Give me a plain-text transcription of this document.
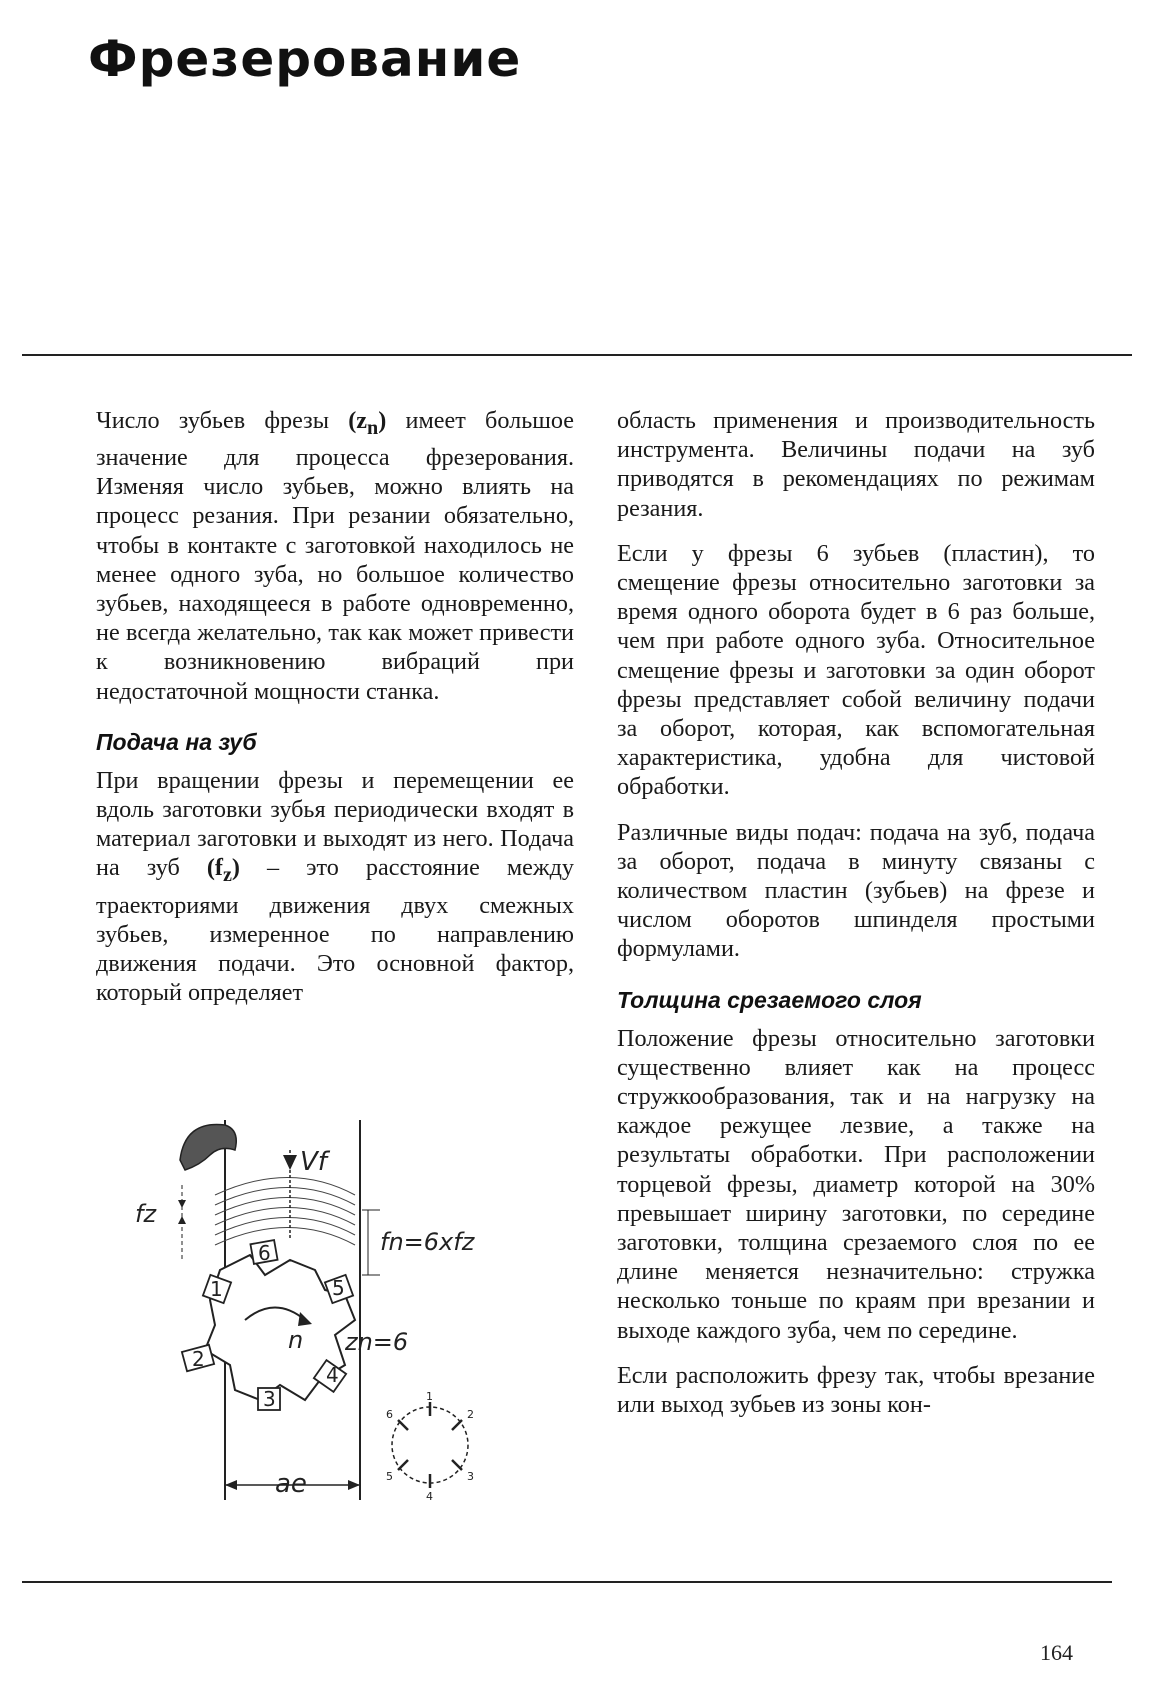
Фрезерование

Число зубьев фрезы $(z_n)$ имеет большое значение для процесса фрезерования. Изменяя число зубьев, можно влиять на процесс резания. При резании обязательно, чтобы в контакте с заготовкой находилось не менее одного зуба, но большое количество зубьев, находящееся в работе одновременно, не всегда желательно, так как может привести к возникновению вибраций при недостаточной мощности станка.

Подача на зуб

При вращении фрезы и перемещении ее вдоль заготовки зубья периодически входят в материал заготовки и выходят из него. Подача на зуб $(f_z)$ – это расстояние между траекториями движения двух смежных зубьев, измеренное по направлению движения подачи. Это основной фактор, который определяет

область применения и производительность инструмента. Величины подачи на зуб приводятся в рекомендациях по режимам резания.

Если у фрезы 6 зубьев (пластин), то смещение фрезы относительно заготовки за время одного оборота будет в 6 раз больше, чем при работе одного зуба. Относительное смещение фрезы и заготовки за один оборот фрезы представляет собой величину подачи за оборот, которая, как вспомогательная характеристика, удобна для чистовой обработки.

Различные виды подач: подача на зуб, подача за оборот, подача в минуту связаны с количеством пластин (зубьев) на фрезе и числом оборотов шпинделя простыми формулами.

Толщина срезаемого слоя

Положение фрезы относительно заготовки существенно влияет как на процесс стружкообразования, так и на нагрузку на каждое режущее лезвие, а также на результаты обработки. При расположении торцевой фрезы, диаметр которой на 30% превышает ширину заготовки, по середине заготовки, толщина срезаемого слоя по ее длине меняется незначительно: стружка несколько тоньше по краям при врезании и выходе каждого зуба, чем по середине.

Если расположить фрезу так, чтобы врезание или выход зубьев из зоны кон-

Vf
fz
fn=6xfz
6
1
2
3
4
5
n zn=6
ae
1
2
3
4
5
6
164
